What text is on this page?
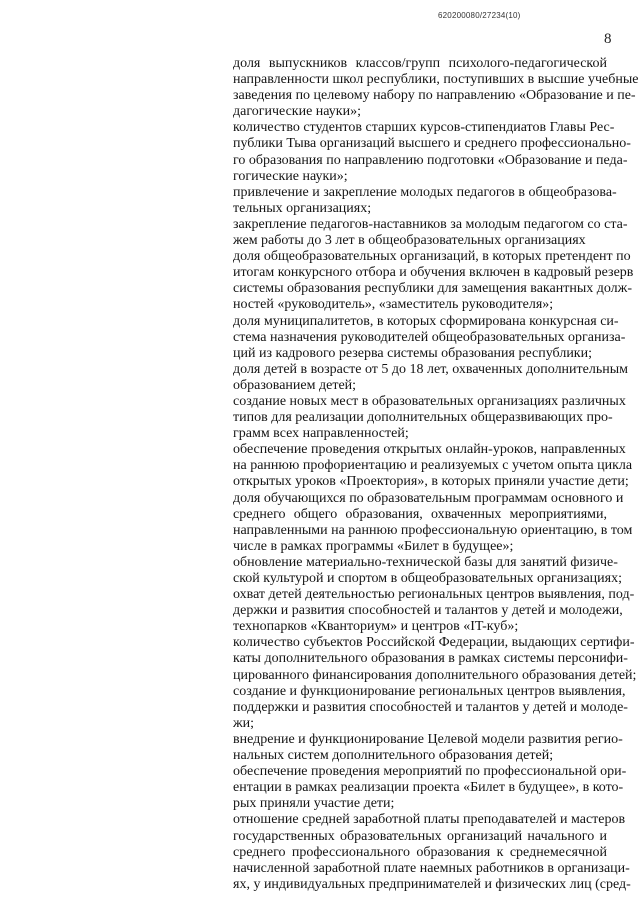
620200080/27234(10)
8
доля выпускников классов/групп психолого-педагогической
направленности школ республики, поступивших в высшие учебные
заведения по целевому набору по направлению «Образование и пе-
дагогические науки»;
количество студентов старших курсов-стипендиатов Главы Рес-
публики Тыва организаций высшего и среднего профессионально-
го образования по направлению подготовки «Образование и педа-
гогические науки»;
привлечение и закрепление молодых педагогов в общеобразова-
тельных организациях;
закрепление педагогов-наставников за молодым педагогом со ста-
жем работы до 3 лет в общеобразовательных организациях
доля общеобразовательных организаций, в которых претендент по
итогам конкурсного отбора и обучения включен в кадровый резерв
системы образования республики для замещения вакантных долж-
ностей «руководитель», «заместитель руководителя»;
доля муниципалитетов, в которых сформирована конкурсная си-
стема назначения руководителей общеобразовательных организа-
ций из кадрового резерва системы образования республики;
доля детей в возрасте от 5 до 18 лет, охваченных дополнительным
образованием детей;
создание новых мест в образовательных организациях различных
типов для реализации дополнительных общеразвивающих про-
грамм всех направленностей;
обеспечение проведения открытых онлайн-уроков, направленных
на раннюю профориентацию и реализуемых с учетом опыта цикла
открытых уроков «Проектория», в которых приняли участие дети;
доля обучающихся по образовательным программам основного и
среднего общего образования, охваченных мероприятиями,
направленными на раннюю профессиональную ориентацию, в том
числе в рамках программы «Билет в будущее»;
обновление материально-технической базы для занятий физиче-
ской культурой и спортом в общеобразовательных организациях;
охват детей деятельностью региональных центров выявления, под-
держки и развития способностей и талантов у детей и молодежи,
технопарков «Кванториум» и центров «IT-куб»;
количество субъектов Российской Федерации, выдающих сертифи-
каты дополнительного образования в рамках системы персонифи-
цированного финансирования дополнительного образования детей;
создание и функционирование региональных центров выявления,
поддержки и развития способностей и талантов у детей и молоде-
жи;
внедрение и функционирование Целевой модели развития регио-
нальных систем дополнительного образования детей;
обеспечение проведения мероприятий по профессиональной ори-
ентации в рамках реализации проекта «Билет в будущее», в кото-
рых приняли участие дети;
отношение средней заработной платы преподавателей и мастеров
государственных образовательных организаций начального и
среднего профессионального образования к среднемесячной
начисленной заработной плате наемных работников в организаци-
ях, у индивидуальных предпринимателей и физических лиц (сред-
